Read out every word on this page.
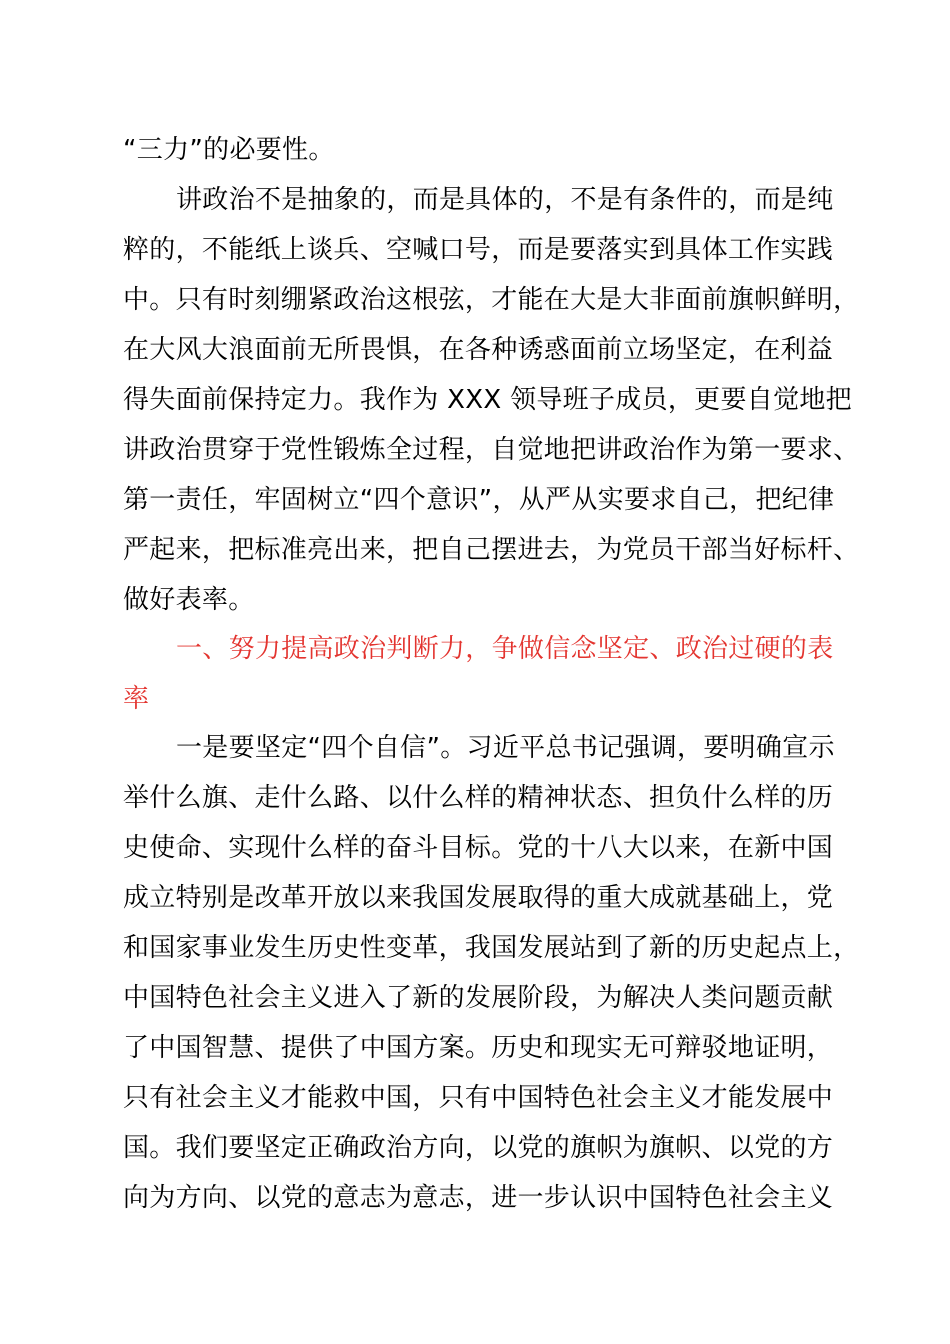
“三力”的必要性。
讲政治不是抽象的，而是具体的，不是有条件的，而是纯
粹的，不能纸上谈兵、空喊口号，而是要落实到具体工作实践
中。只有时刻绷紧政治这根弦，才能在大是大非面前旗帜鲜明，
在大风大浪面前无所畏惧，在各种诱惑面前立场坚定，在利益
得失面前保持定力。我作为 XXX 领导班子成员，更要自觉地把
讲政治贯穿于党性锻炼全过程，自觉地把讲政治作为第一要求、
第一责任，牢固树立“四个意识”，从严从实要求自己，把纪律
严起来，把标准亮出来，把自己摆进去，为党员干部当好标杆、
做好表率。
一、努力提高政治判断力，争做信念坚定、政治过硬的表
率
一是要坚定“四个自信”。习近平总书记强调，要明确宣示
举什么旗、走什么路、以什么样的精神状态、担负什么样的历
史使命、实现什么样的奋斗目标。党的十八大以来，在新中国
成立特别是改革开放以来我国发展取得的重大成就基础上，党
和国家事业发生历史性变革，我国发展站到了新的历史起点上，
中国特色社会主义进入了新的发展阶段，为解决人类问题贡献
了中国智慧、提供了中国方案。历史和现实无可辩驳地证明，
只有社会主义才能救中国，只有中国特色社会主义才能发展中
国。我们要坚定正确政治方向，以党的旗帜为旗帜、以党的方
向为方向、以党的意志为意志，进一步认识中国特色社会主义
